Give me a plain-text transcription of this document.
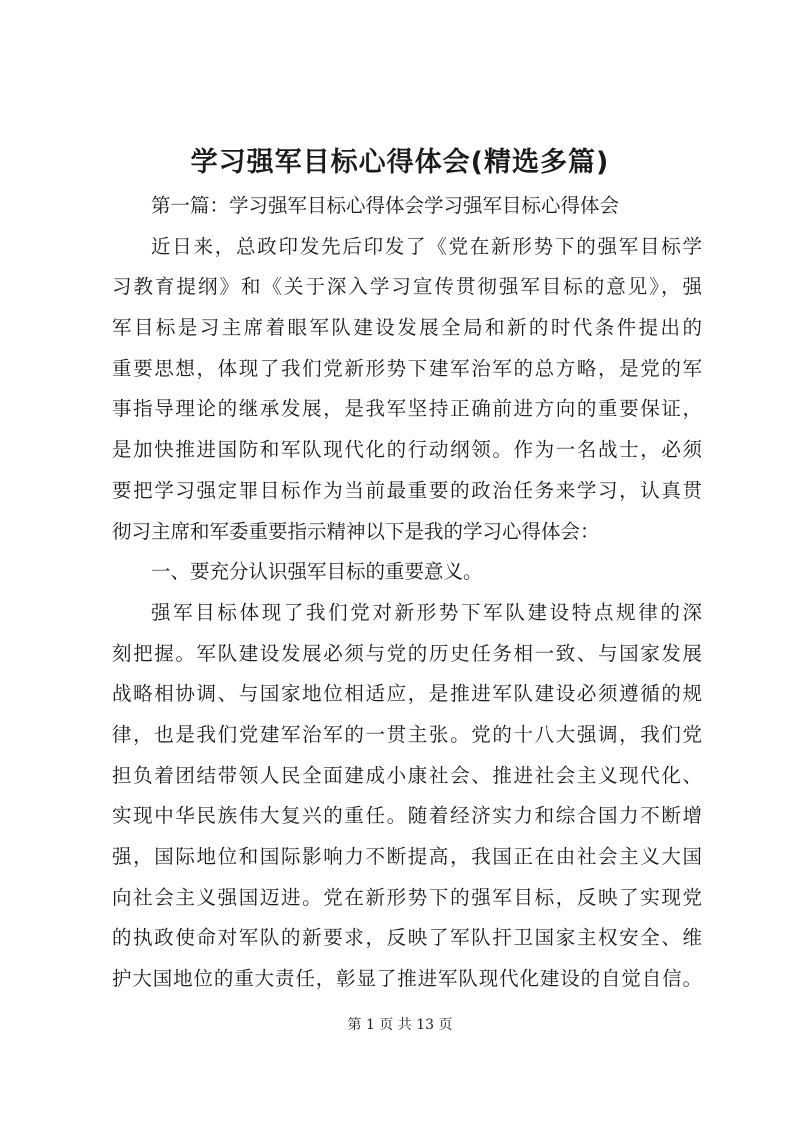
学习强军目标心得体会(精选多篇)
第一篇：学习强军目标心得体会学习强军目标心得体会
近日来，总政印发先后印发了《党在新形势下的强军目标学
习教育提纲》和《关于深入学习宣传贯彻强军目标的意见》，强
军目标是习主席着眼军队建设发展全局和新的时代条件提出的
重要思想，体现了我们党新形势下建军治军的总方略，是党的军
事指导理论的继承发展，是我军坚持正确前进方向的重要保证，
是加快推进国防和军队现代化的行动纲领。作为一名战士，必须
要把学习强定罪目标作为当前最重要的政治任务来学习，认真贯
彻习主席和军委重要指示精神以下是我的学习心得体会：
一、要充分认识强军目标的重要意义。
强军目标体现了我们党对新形势下军队建设特点规律的深
刻把握。军队建设发展必须与党的历史任务相一致、与国家发展
战略相协调、与国家地位相适应，是推进军队建设必须遵循的规
律，也是我们党建军治军的一贯主张。党的十八大强调，我们党
担负着团结带领人民全面建成小康社会、推进社会主义现代化、
实现中华民族伟大复兴的重任。随着经济实力和综合国力不断增
强，国际地位和国际影响力不断提高，我国正在由社会主义大国
向社会主义强国迈进。党在新形势下的强军目标，反映了实现党
的执政使命对军队的新要求，反映了军队扞卫国家主权安全、维
护大国地位的重大责任，彰显了推进军队现代化建设的自觉自信。
第 1 页 共 13 页
